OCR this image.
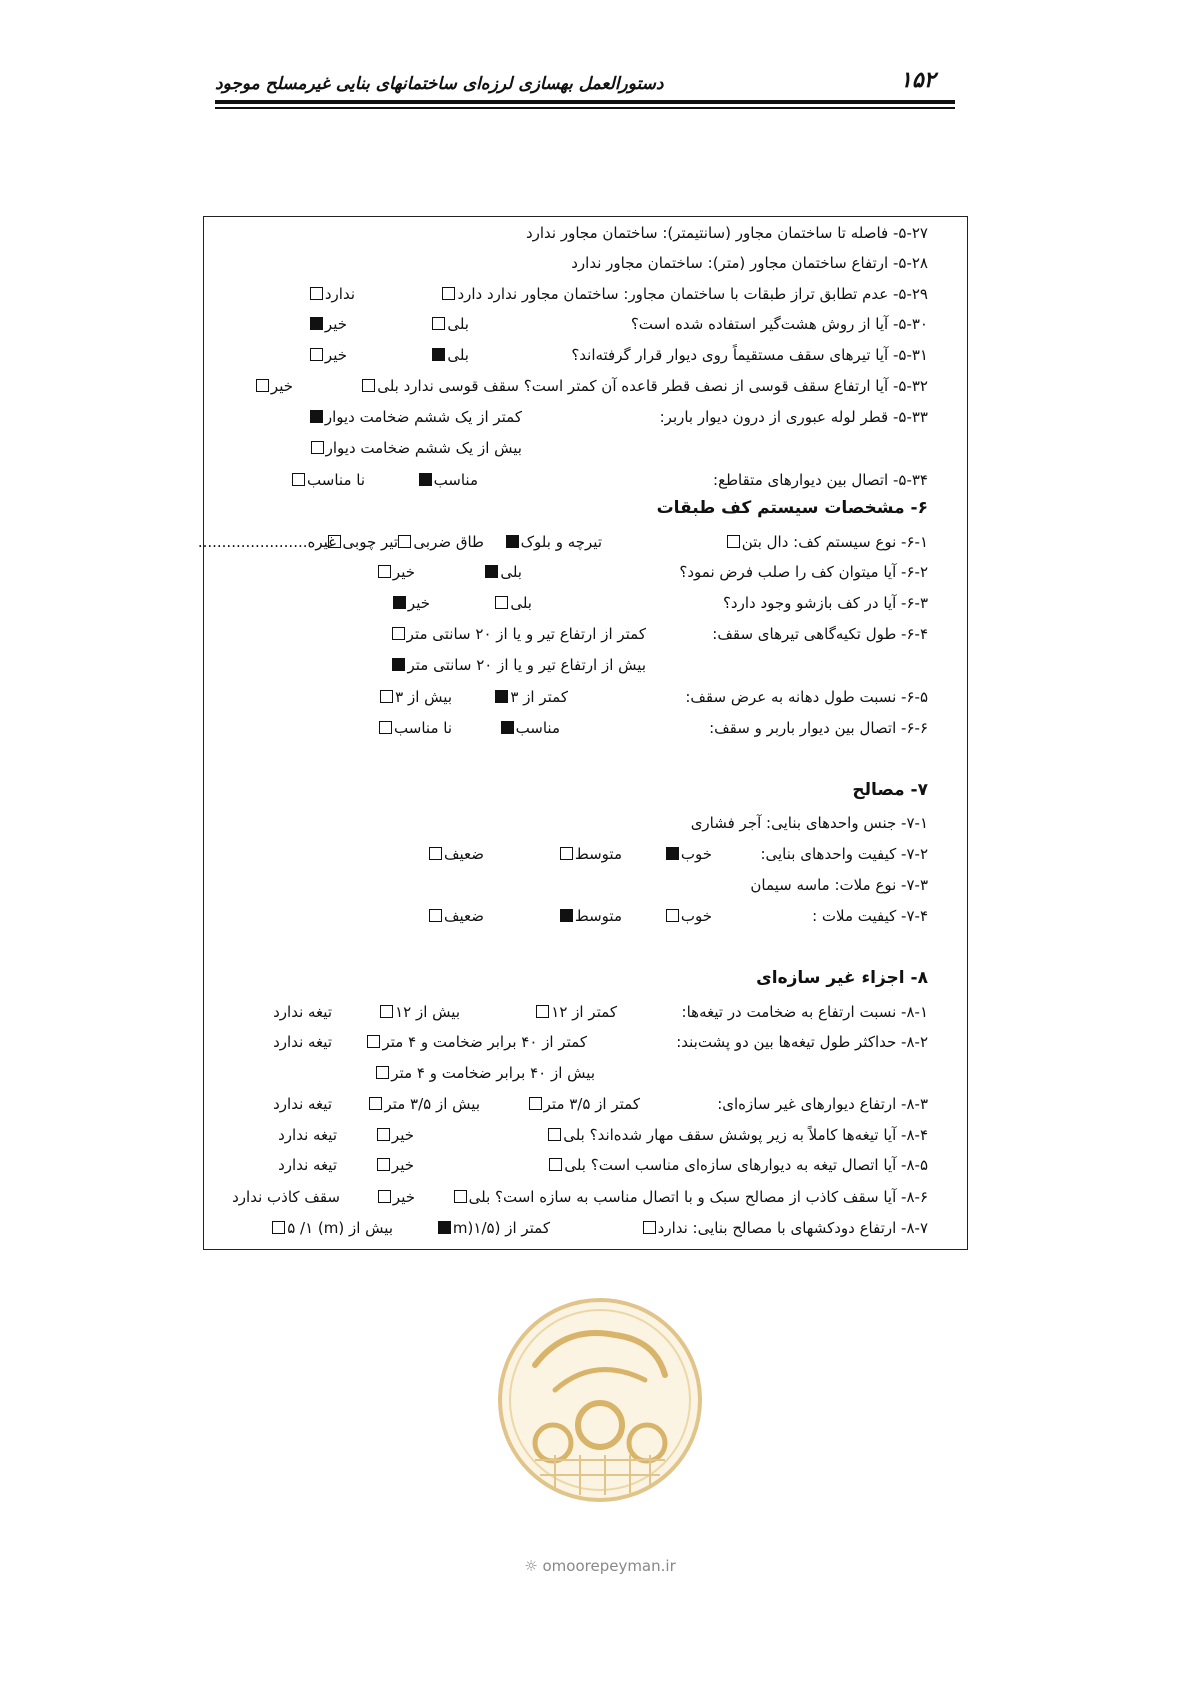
دستورالعمل بهسازی لرزه‌ای ساختمانهای بنایی غیرمسلح موجود	۱۵۲
۵-۲۷- فاصله تا ساختمان مجاور (سانتیمتر): ساختمان مجاور ندارد
۵-۲۸- ارتفاع ساختمان مجاور (متر): ساختمان مجاور ندارد
۵-۲۹- عدم تطابق تراز طبقات با ساختمان مجاور: ساختمان مجاور ندارد دارد
ندارد
۵-۳۰- آیا از روش هشت‌گیر استفاده شده است؟
بلی
خیر
۵-۳۱- آیا تیرهای سقف مستقیماً روی دیوار قرار گرفته‌اند؟
بلی
خیر
۵-۳۲- آیا ارتفاع سقف قوسی از نصف قطر قاعده آن کمتر است؟ سقف قوسی ندارد بلی
خیر
۵-۳۳- قطر لوله عبوری از درون دیوار باربر:
کمتر از یک ششم ضخامت دیوار
بیش از یک ششم ضخامت دیوار
۵-۳۴- اتصال بین دیوارهای متقاطع:
مناسب
نا مناسب
۶- مشخصات سیستم کف طبقات
۶-۱- نوع سیستم کف: دال بتن
تیرچه و بلوک
طاق ضربی
تیر چوبی
غیره.......................
۶-۲- آیا میتوان کف را صلب فرض نمود؟
بلی
خیر
۶-۳- آیا در کف بازشو وجود دارد؟
بلی
خیر
۶-۴- طول تکیه‌گاهی تیرهای سقف:
کمتر از ارتفاع تیر و یا از ۲۰ سانتی متر
بیش از ارتفاع تیر و یا از ۲۰ سانتی متر
۶-۵- نسبت طول دهانه به عرض سقف:
کمتر از ۳
بیش از ۳
۶-۶- اتصال بین دیوار باربر و سقف:
مناسب
نا مناسب
۷- مصالح
۷-۱- جنس واحدهای بنایی: آجر فشاری
۷-۲- کیفیت واحدهای بنایی:
خوب
متوسط
ضعیف
۷-۳- نوع ملات: ماسه سیمان
۷-۴- کیفیت ملات :
خوب
متوسط
ضعیف
۸- اجزاء غیر سازه‌ای
۸-۱- نسبت ارتفاع به ضخامت در تیغه‌ها:
کمتر از ۱۲
بیش از ۱۲
تیغه ندارد
۸-۲- حداکثر طول تیغه‌ها بین دو پشت‌بند:
کمتر از ۴۰ برابر ضخامت و ۴ متر
تیغه ندارد
بیش از ۴۰ برابر ضخامت و ۴ متر
۸-۳- ارتفاع دیوارهای غیر سازه‌ای:
کمتر از ۳/۵ متر
بیش از ۳/۵ متر
تیغه ندارد
۸-۴- آیا تیغه‌ها کاملاً به زیر پوشش سقف مهار شده‌اند؟ بلی
خیر
تیغه ندارد
۸-۵- آیا اتصال تیغه به دیوارهای سازه‌ای مناسب است؟ بلی
خیر
تیغه ندارد
۸-۶- آیا سقف کاذب از مصالح سبک و با اتصال مناسب به سازه است؟ بلی
خیر
سقف کاذب ندارد
۸-۷- ارتفاع دودکشهای با مصالح بنایی: ندارد
کمتر از (۱/۵(m
بیش از (m) ۵ /۱
☼ omoorepeyman.ir
